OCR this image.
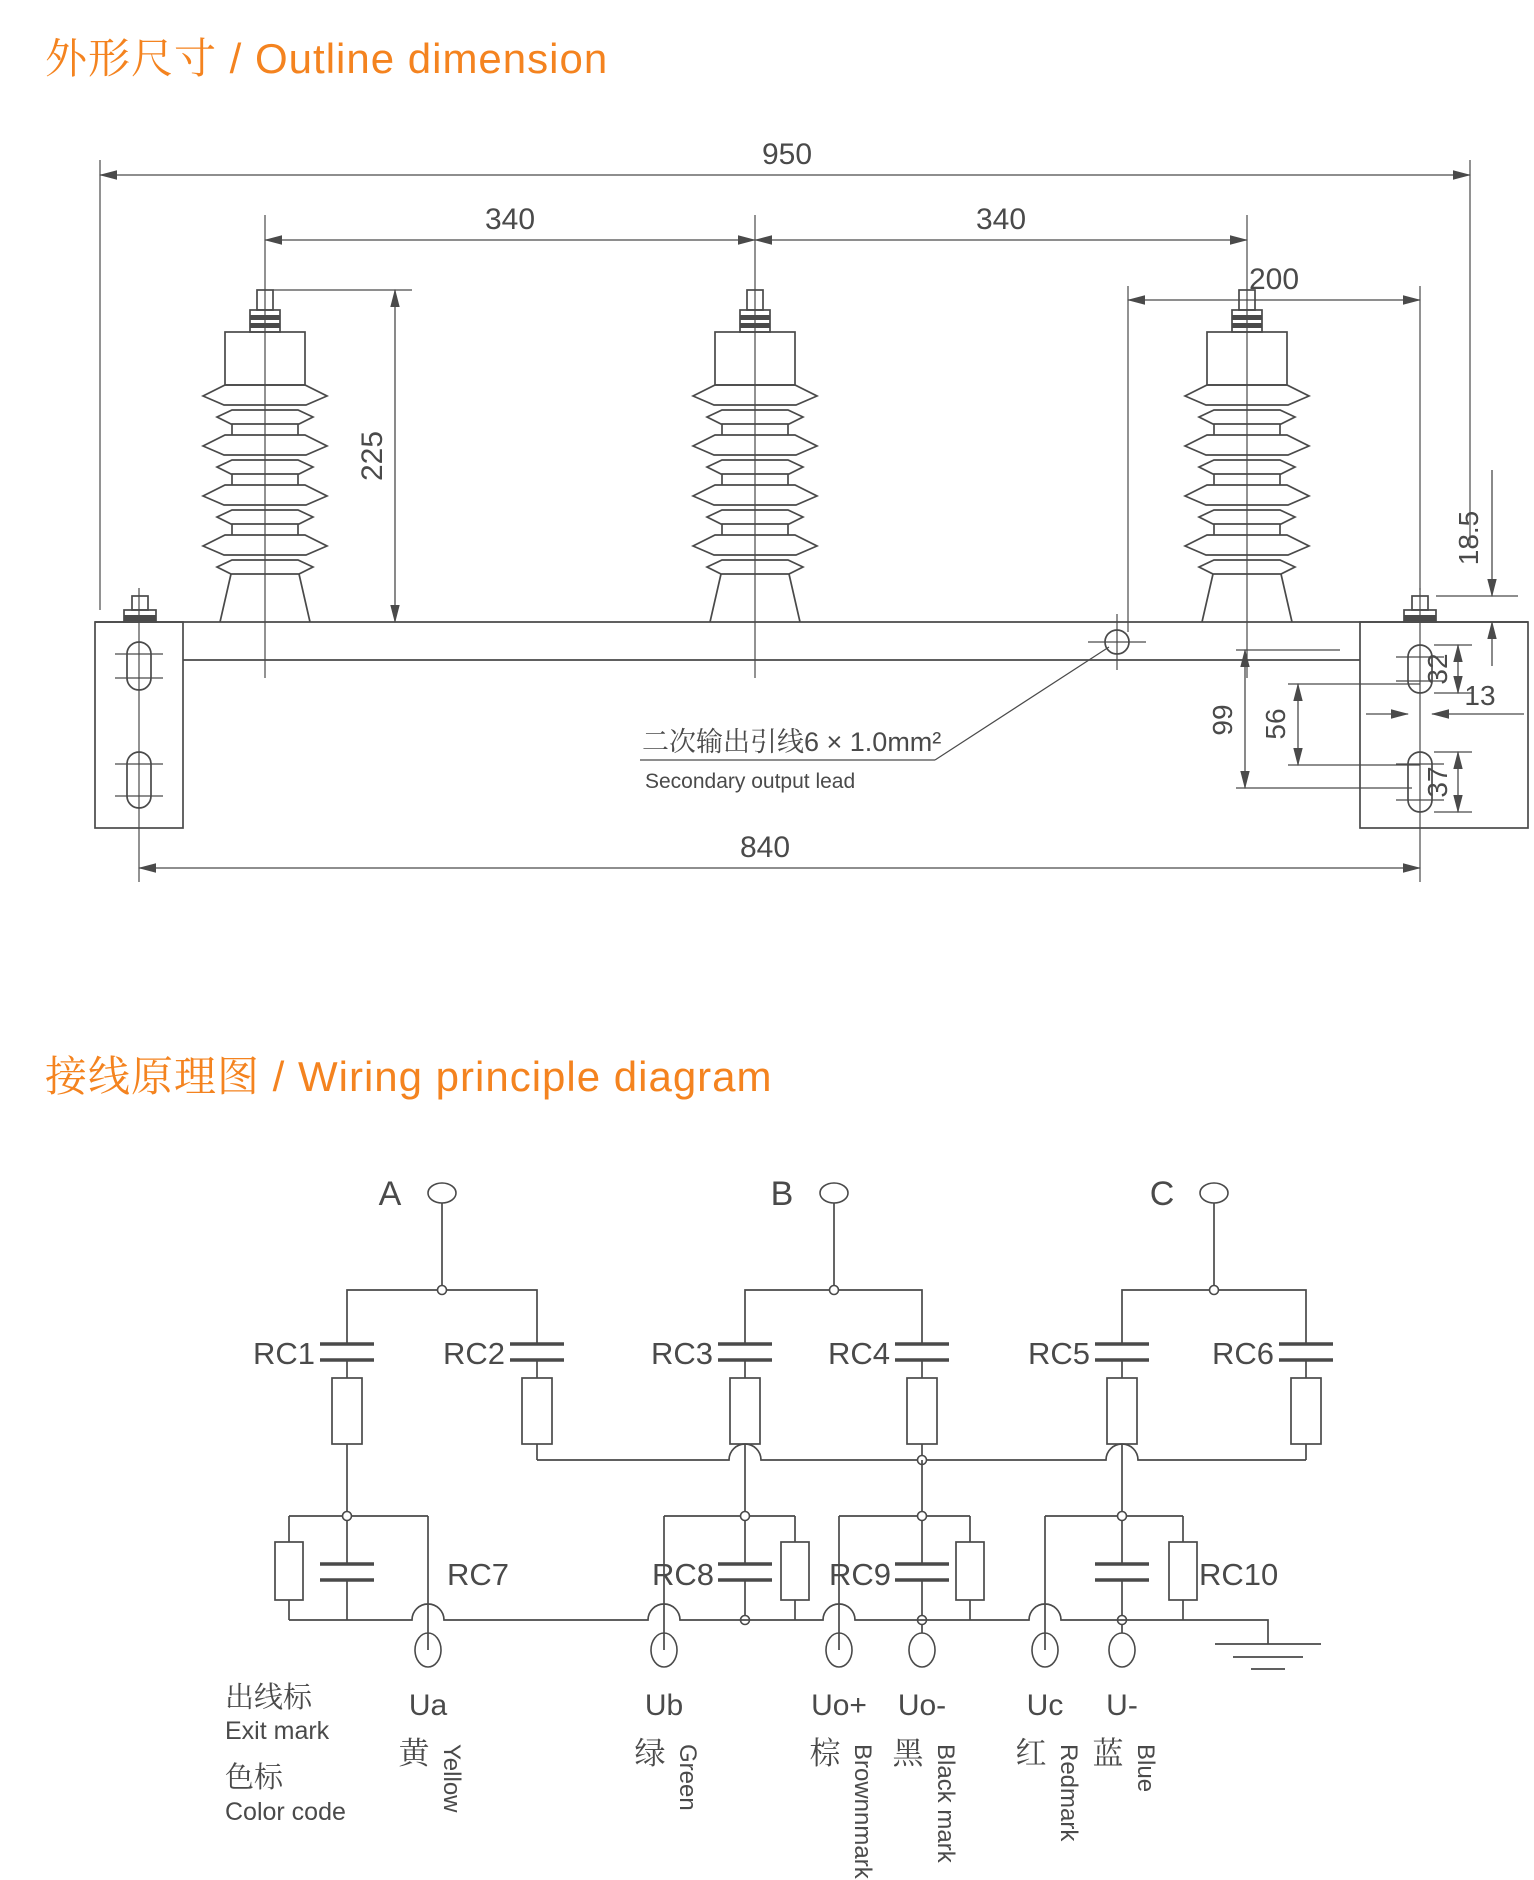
外形尺寸 / Outline dimension
950
340	340
200
225
二次输出引线6 × 1.0mm²
Secondary output lead
18.5
32
13
37
99 56
840
接线原理图 / Wiring principle diagram
A	B	C
RC1	RC2	RC3	RC4	RC5	RC6
RC7	RC8	RC9	RC10
Ua
黄 Yellow
Ub
绿 Green
Uo+
棕 Brownnmark
Uo-
黑 Black mark
Uc
红 Redmark
U-
蓝 Blue
出线标
Exit mark
色标
Color code
